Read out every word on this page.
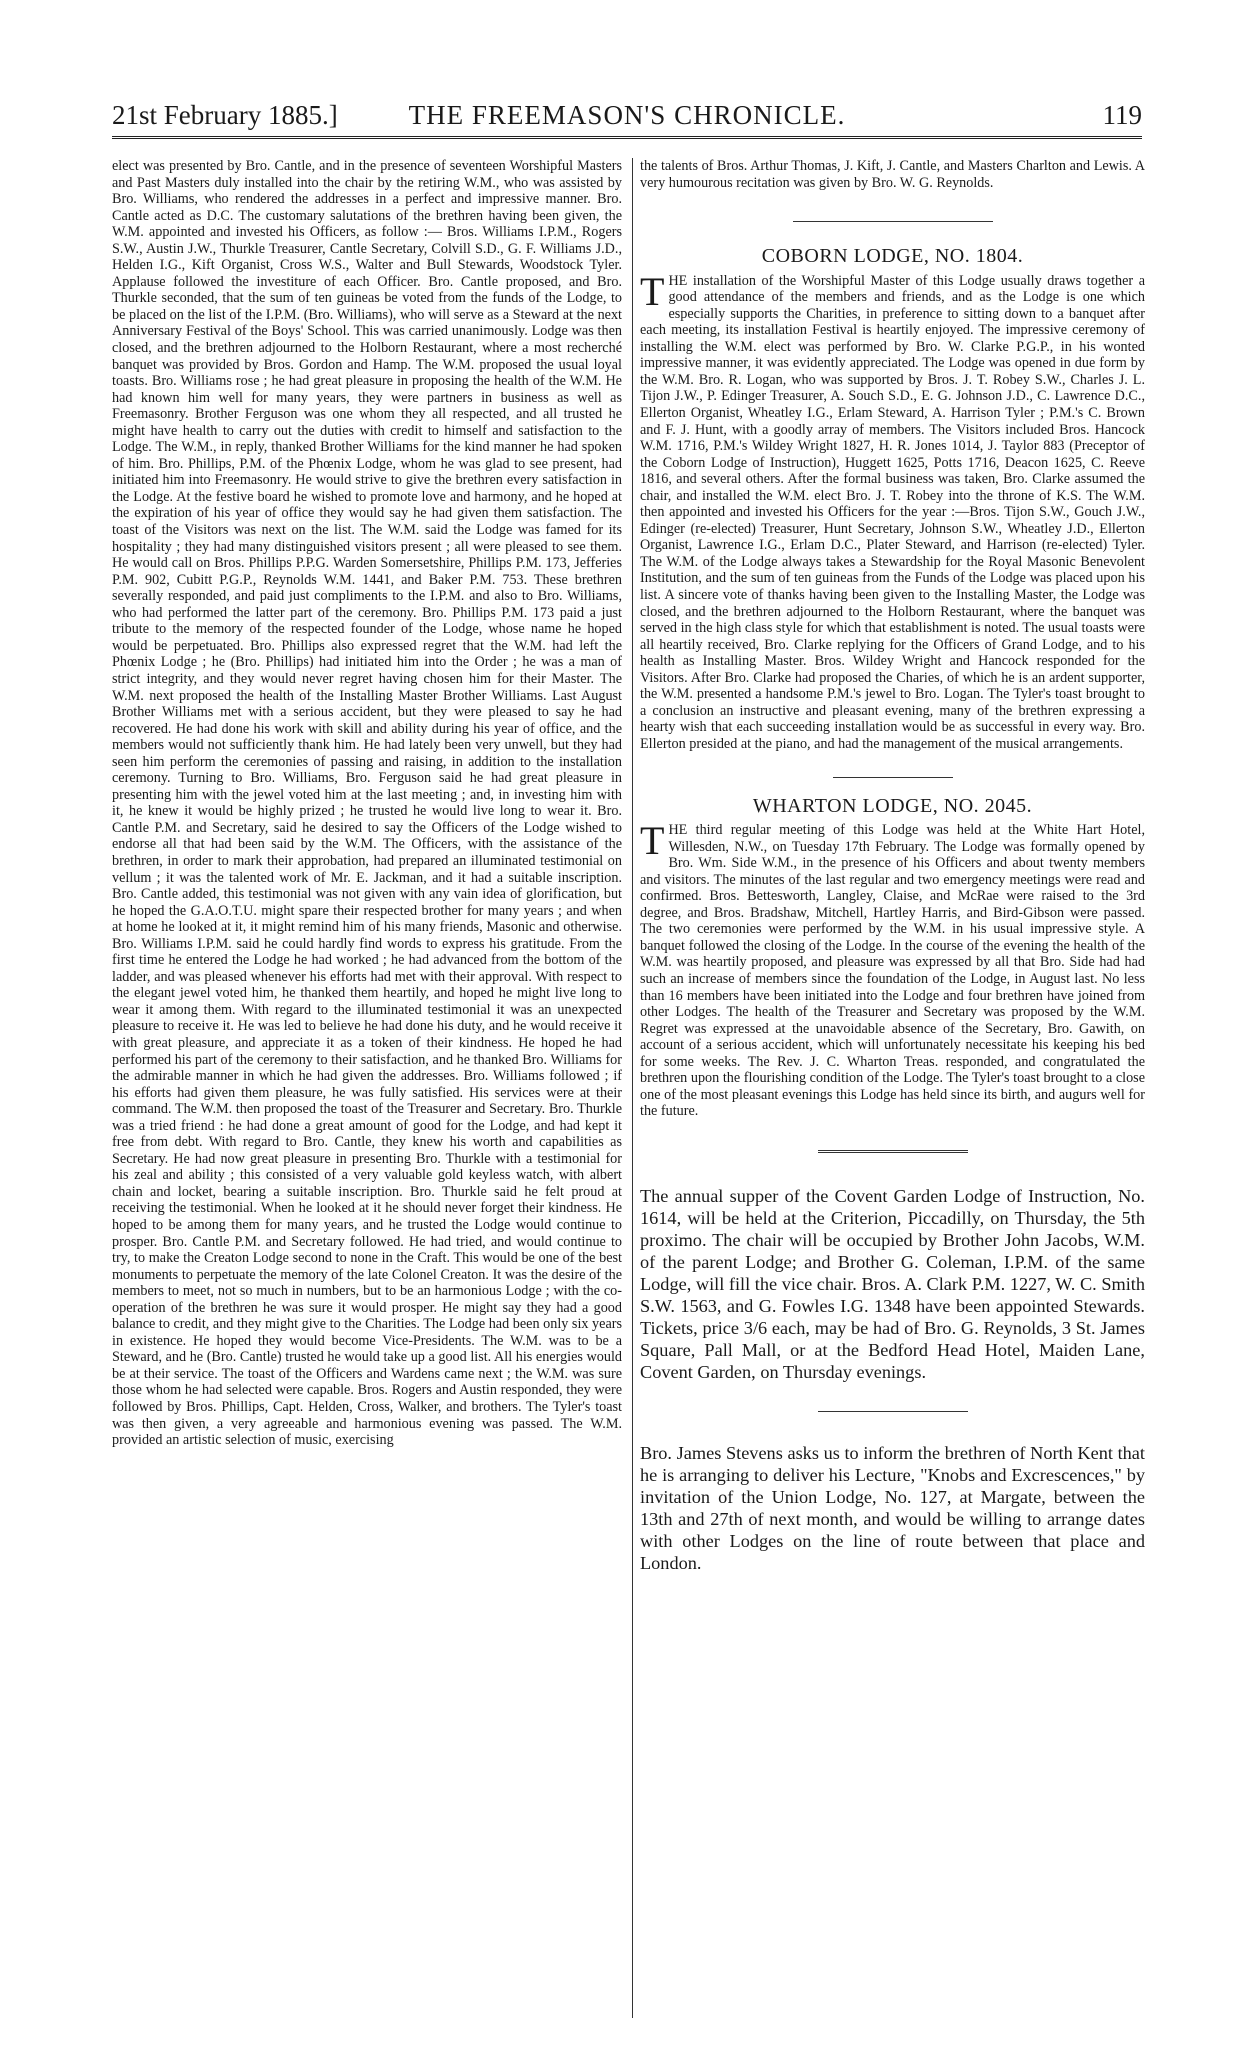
21st February 1885.]	THE FREEMASON'S CHRONICLE.	119

elect was presented by Bro. Cantle, and in the presence of seventeen Worshipful Masters and Past Masters duly installed into the chair by the retiring W.M., who was assisted by Bro. Williams, who rendered the addresses in a perfect and impressive manner. Bro. Cantle acted as D.C. The customary salutations of the brethren having been given, the W.M. appointed and invested his Officers, as follow :— Bros. Williams I.P.M., Rogers S.W., Austin J.W., Thurkle Treasurer, Cantle Secretary, Colvill S.D., G. F. Williams J.D., Helden I.G., Kift Organist, Cross W.S., Walter and Bull Stewards, Woodstock Tyler. Applause followed the investiture of each Officer. Bro. Cantle proposed, and Bro. Thurkle seconded, that the sum of ten guineas be voted from the funds of the Lodge, to be placed on the list of the I.P.M. (Bro. Williams), who will serve as a Steward at the next Anniversary Festival of the Boys' School. This was carried unanimously. Lodge was then closed, and the brethren adjourned to the Holborn Restaurant, where a most recherché banquet was provided by Bros. Gordon and Hamp. The W.M. proposed the usual loyal toasts. Bro. Williams rose ; he had great pleasure in proposing the health of the W.M. He had known him well for many years, they were partners in business as well as Freemasonry. Brother Ferguson was one whom they all respected, and all trusted he might have health to carry out the duties with credit to himself and satisfaction to the Lodge. The W.M., in reply, thanked Brother Williams for the kind manner he had spoken of him. Bro. Phillips, P.M. of the Phœnix Lodge, whom he was glad to see present, had initiated him into Freemasonry. He would strive to give the brethren every satisfaction in the Lodge. At the festive board he wished to promote love and harmony, and he hoped at the expiration of his year of office they would say he had given them satisfaction. The toast of the Visitors was next on the list. The W.M. said the Lodge was famed for its hospitality ; they had many distinguished visitors present ; all were pleased to see them. He would call on Bros. Phillips P.P.G. Warden Somersetshire, Phillips P.M. 173, Jefferies P.M. 902, Cubitt P.G.P., Reynolds W.M. 1441, and Baker P.M. 753. These brethren severally responded, and paid just compliments to the I.P.M. and also to Bro. Williams, who had performed the latter part of the ceremony. Bro. Phillips P.M. 173 paid a just tribute to the memory of the respected founder of the Lodge, whose name he hoped would be perpetuated. Bro. Phillips also expressed regret that the W.M. had left the Phœnix Lodge ; he (Bro. Phillips) had initiated him into the Order ; he was a man of strict integrity, and they would never regret having chosen him for their Master. The W.M. next proposed the health of the Installing Master Brother Williams. Last August Brother Williams met with a serious accident, but they were pleased to say he had recovered. He had done his work with skill and ability during his year of office, and the members would not sufficiently thank him. He had lately been very unwell, but they had seen him perform the ceremonies of passing and raising, in addition to the installation ceremony. Turning to Bro. Williams, Bro. Ferguson said he had great pleasure in presenting him with the jewel voted him at the last meeting ; and, in investing him with it, he knew it would be highly prized ; he trusted he would live long to wear it. Bro. Cantle P.M. and Secretary, said he desired to say the Officers of the Lodge wished to endorse all that had been said by the W.M. The Officers, with the assistance of the brethren, in order to mark their approbation, had prepared an illuminated testimonial on vellum ; it was the talented work of Mr. E. Jackman, and it had a suitable inscription. Bro. Cantle added, this testimonial was not given with any vain idea of glorification, but he hoped the G.A.O.T.U. might spare their respected brother for many years ; and when at home he looked at it, it might remind him of his many friends, Masonic and otherwise. Bro. Williams I.P.M. said he could hardly find words to express his gratitude. From the first time he entered the Lodge he had worked ; he had advanced from the bottom of the ladder, and was pleased whenever his efforts had met with their approval. With respect to the elegant jewel voted him, he thanked them heartily, and hoped he might live long to wear it among them. With regard to the illuminated testimonial it was an unexpected pleasure to receive it. He was led to believe he had done his duty, and he would receive it with great pleasure, and appreciate it as a token of their kindness. He hoped he had performed his part of the ceremony to their satisfaction, and he thanked Bro. Williams for the admirable manner in which he had given the addresses. Bro. Williams followed ; if his efforts had given them pleasure, he was fully satisfied. His services were at their command. The W.M. then proposed the toast of the Treasurer and Secretary. Bro. Thurkle was a tried friend : he had done a great amount of good for the Lodge, and had kept it free from debt. With regard to Bro. Cantle, they knew his worth and capabilities as Secretary. He had now great pleasure in presenting Bro. Thurkle with a testimonial for his zeal and ability ; this consisted of a very valuable gold keyless watch, with albert chain and locket, bearing a suitable inscription. Bro. Thurkle said he felt proud at receiving the testimonial. When he looked at it he should never forget their kindness. He hoped to be among them for many years, and he trusted the Lodge would continue to prosper. Bro. Cantle P.M. and Secretary followed. He had tried, and would continue to try, to make the Creaton Lodge second to none in the Craft. This would be one of the best monuments to perpetuate the memory of the late Colonel Creaton. It was the desire of the members to meet, not so much in numbers, but to be an harmonious Lodge ; with the co-operation of the brethren he was sure it would prosper. He might say they had a good balance to credit, and they might give to the Charities. The Lodge had been only six years in existence. He hoped they would become Vice-Presidents. The W.M. was to be a Steward, and he (Bro. Cantle) trusted he would take up a good list. All his energies would be at their service. The toast of the Officers and Wardens came next ; the W.M. was sure those whom he had selected were capable. Bros. Rogers and Austin responded, they were followed by Bros. Phillips, Capt. Helden, Cross, Walker, and brothers. The Tyler's toast was then given, a very agreeable and harmonious evening was passed. The W.M. provided an artistic selection of music, exercising

the talents of Bros. Arthur Thomas, J. Kift, J. Cantle, and Masters Charlton and Lewis. A very humourous recitation was given by Bro. W. G. Reynolds.

COBORN LODGE, NO. 1804.

THE installation of the Worshipful Master of this Lodge usually draws together a good attendance of the members and friends, and as the Lodge is one which especially supports the Charities, in preference to sitting down to a banquet after each meeting, its installation Festival is heartily enjoyed. The impressive ceremony of installing the W.M. elect was performed by Bro. W. Clarke P.G.P., in his wonted impressive manner, it was evidently appreciated. The Lodge was opened in due form by the W.M. Bro. R. Logan, who was supported by Bros. J. T. Robey S.W., Charles J. L. Tijon J.W., P. Edinger Treasurer, A. Souch S.D., E. G. Johnson J.D., C. Lawrence D.C., Ellerton Organist, Wheatley I.G., Erlam Steward, A. Harrison Tyler ; P.M.'s C. Brown and F. J. Hunt, with a goodly array of members. The Visitors included Bros. Hancock W.M. 1716, P.M.'s Wildey Wright 1827, H. R. Jones 1014, J. Taylor 883 (Preceptor of the Coborn Lodge of Instruction), Huggett 1625, Potts 1716, Deacon 1625, C. Reeve 1816, and several others. After the formal business was taken, Bro. Clarke assumed the chair, and installed the W.M. elect Bro. J. T. Robey into the throne of K.S. The W.M. then appointed and invested his Officers for the year :—Bros. Tijon S.W., Gouch J.W., Edinger (re-elected) Treasurer, Hunt Secretary, Johnson S.W., Wheatley J.D., Ellerton Organist, Lawrence I.G., Erlam D.C., Plater Steward, and Harrison (re-elected) Tyler. The W.M. of the Lodge always takes a Stewardship for the Royal Masonic Benevolent Institution, and the sum of ten guineas from the Funds of the Lodge was placed upon his list. A sincere vote of thanks having been given to the Installing Master, the Lodge was closed, and the brethren adjourned to the Holborn Restaurant, where the banquet was served in the high class style for which that establishment is noted. The usual toasts were all heartily received, Bro. Clarke replying for the Officers of Grand Lodge, and to his health as Installing Master. Bros. Wildey Wright and Hancock responded for the Visitors. After Bro. Clarke had proposed the Charies, of which he is an ardent supporter, the W.M. presented a handsome P.M.'s jewel to Bro. Logan. The Tyler's toast brought to a conclusion an instructive and pleasant evening, many of the brethren expressing a hearty wish that each succeeding installation would be as successful in every way. Bro. Ellerton presided at the piano, and had the management of the musical arrangements.

WHARTON LODGE, NO. 2045.

THE third regular meeting of this Lodge was held at the White Hart Hotel, Willesden, N.W., on Tuesday 17th February. The Lodge was formally opened by Bro. Wm. Side W.M., in the presence of his Officers and about twenty members and visitors. The minutes of the last regular and two emergency meetings were read and confirmed. Bros. Bettesworth, Langley, Claise, and McRae were raised to the 3rd degree, and Bros. Bradshaw, Mitchell, Hartley Harris, and Bird-Gibson were passed. The two ceremonies were performed by the W.M. in his usual impressive style. A banquet followed the closing of the Lodge. In the course of the evening the health of the W.M. was heartily proposed, and pleasure was expressed by all that Bro. Side had had such an increase of members since the foundation of the Lodge, in August last. No less than 16 members have been initiated into the Lodge and four brethren have joined from other Lodges. The health of the Treasurer and Secretary was proposed by the W.M. Regret was expressed at the unavoidable absence of the Secretary, Bro. Gawith, on account of a serious accident, which will unfortunately necessitate his keeping his bed for some weeks. The Rev. J. C. Wharton Treas. responded, and congratulated the brethren upon the flourishing condition of the Lodge. The Tyler's toast brought to a close one of the most pleasant evenings this Lodge has held since its birth, and augurs well for the future.

The annual supper of the Covent Garden Lodge of Instruction, No. 1614, will be held at the Criterion, Piccadilly, on Thursday, the 5th proximo. The chair will be occupied by Brother John Jacobs, W.M. of the parent Lodge; and Brother G. Coleman, I.P.M. of the same Lodge, will fill the vice chair. Bros. A. Clark P.M. 1227, W. C. Smith S.W. 1563, and G. Fowles I.G. 1348 have been appointed Stewards. Tickets, price 3/6 each, may be had of Bro. G. Reynolds, 3 St. James Square, Pall Mall, or at the Bedford Head Hotel, Maiden Lane, Covent Garden, on Thursday evenings.

Bro. James Stevens asks us to inform the brethren of North Kent that he is arranging to deliver his Lecture, "Knobs and Excrescences," by invitation of the Union Lodge, No. 127, at Margate, between the 13th and 27th of next month, and would be willing to arrange dates with other Lodges on the line of route between that place and London.
